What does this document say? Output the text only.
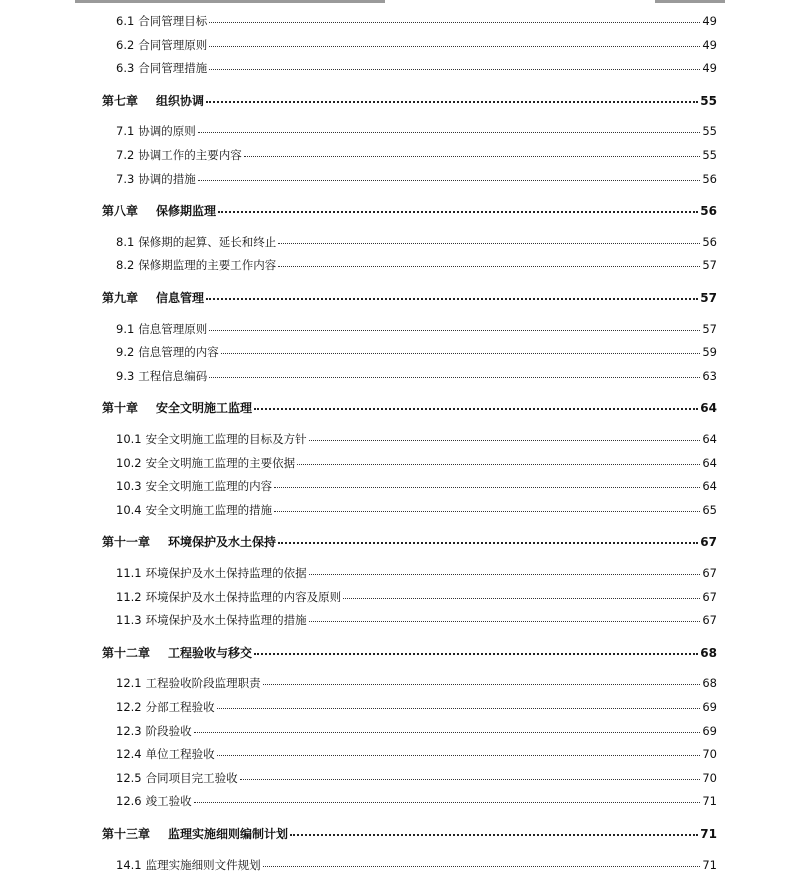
6.1 合同管理目标	49
6.2 合同管理原则	49
6.3 合同管理措施	49
第七章 组织协调	55
7.1 协调的原则	55
7.2 协调工作的主要内容	55
7.3 协调的措施	56
第八章 保修期监理	56
8.1 保修期的起算、延长和终止	56
8.2 保修期监理的主要工作内容	57
第九章 信息管理	57
9.1 信息管理原则	57
9.2 信息管理的内容	59
9.3 工程信息编码	63
第十章 安全文明施工监理	64
10.1 安全文明施工监理的目标及方针	64
10.2 安全文明施工监理的主要依据	64
10.3 安全文明施工监理的内容	64
10.4 安全文明施工监理的措施	65
第十一章 环境保护及水土保持	67
11.1 环境保护及水土保持监理的依据	67
11.2 环境保护及水土保持监理的内容及原则	67
11.3 环境保护及水土保持监理的措施	67
第十二章 工程验收与移交	68
12.1 工程验收阶段监理职责	68
12.2 分部工程验收	69
12.3 阶段验收	69
12.4 单位工程验收	70
12.5 合同项目完工验收	70
12.6 竣工验收	71
第十三章 监理实施细则编制计划	71
14.1 监理实施细则文件规划	71
